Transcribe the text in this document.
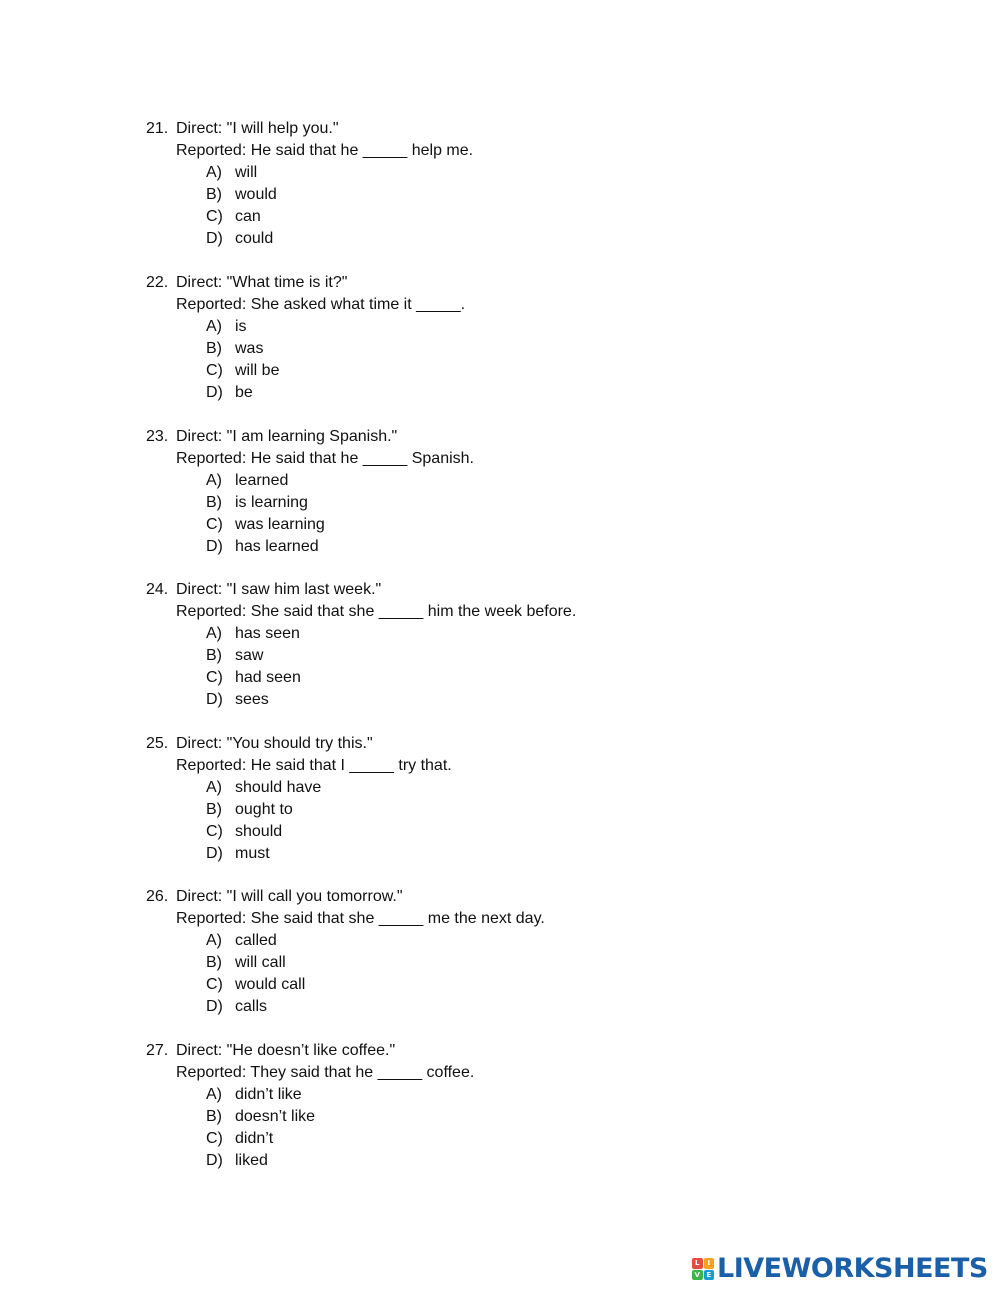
21. Direct: "I will help you."
Reported: He said that he _____ help me.
A) will
B) would
C) can
D) could
22. Direct: "What time is it?"
Reported: She asked what time it _____.
A) is
B) was
C) will be
D) be
23. Direct: "I am learning Spanish."
Reported: He said that he _____ Spanish.
A) learned
B) is learning
C) was learning
D) has learned
24. Direct: "I saw him last week."
Reported: She said that she _____ him the week before.
A) has seen
B) saw
C) had seen
D) sees
25. Direct: "You should try this."
Reported: He said that I _____ try that.
A) should have
B) ought to
C) should
D) must
26. Direct: "I will call you tomorrow."
Reported: She said that she _____ me the next day.
A) called
B) will call
C) would call
D) calls
27. Direct: "He doesn’t like coffee."
Reported: They said that he _____ coffee.
A) didn’t like
B) doesn’t like
C) didn’t
D) liked
L	I
V E LIVEWORKSHEETS
